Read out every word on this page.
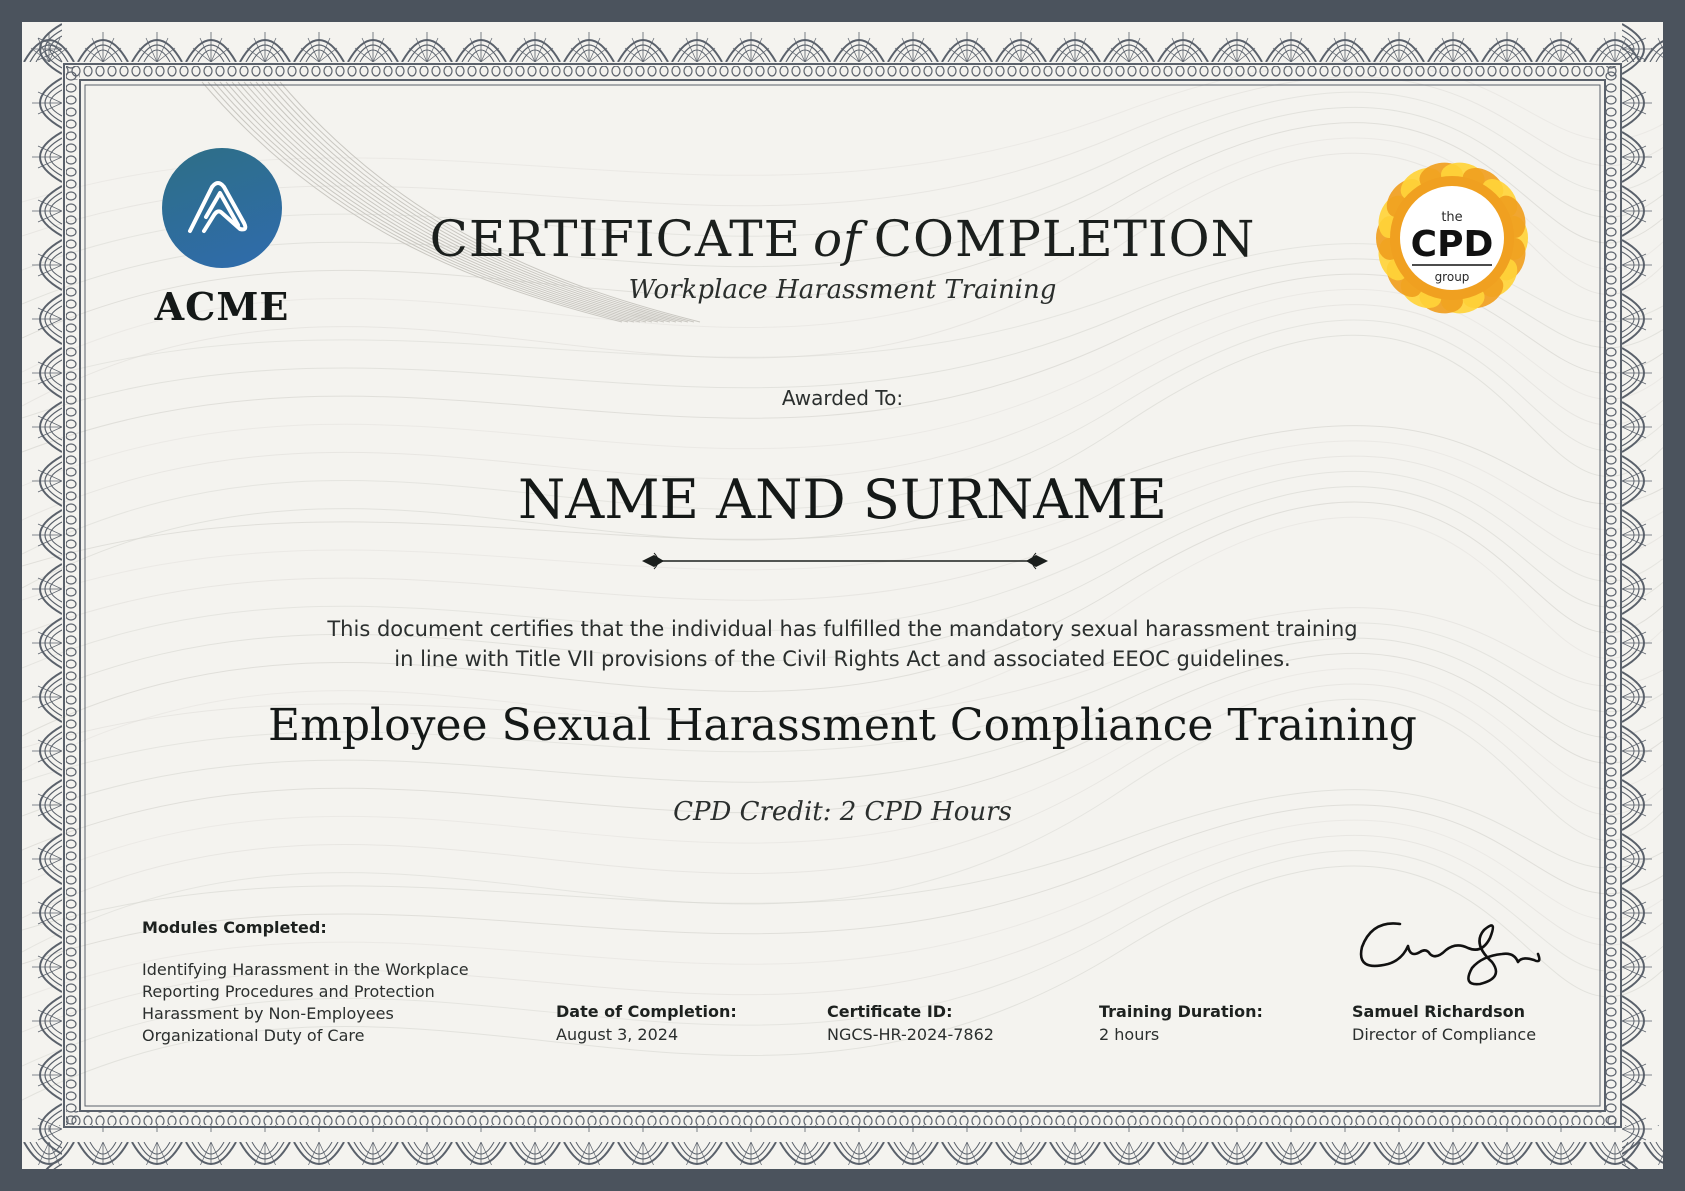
ACME
the
CPD
group
CERTIFICATE of COMPLETION
Workplace Harassment Training
Awarded To:
NAME AND SURNAME
This document certifies that the individual has fulfilled the mandatory sexual harassment training in line with Title VII provisions of the Civil Rights Act and associated EEOC guidelines.
Employee Sexual Harassment Compliance Training
CPD Credit: 2 CPD Hours
Modules Completed:
Identifying Harassment in the Workplace
Reporting Procedures and Protection
Harassment by Non-Employees
Organizational Duty of Care
Date of Completion:
August 3, 2024
Certificate ID:
NGCS-HR-2024-7862
Training Duration:
2 hours
Samuel Richardson
Director of Compliance
